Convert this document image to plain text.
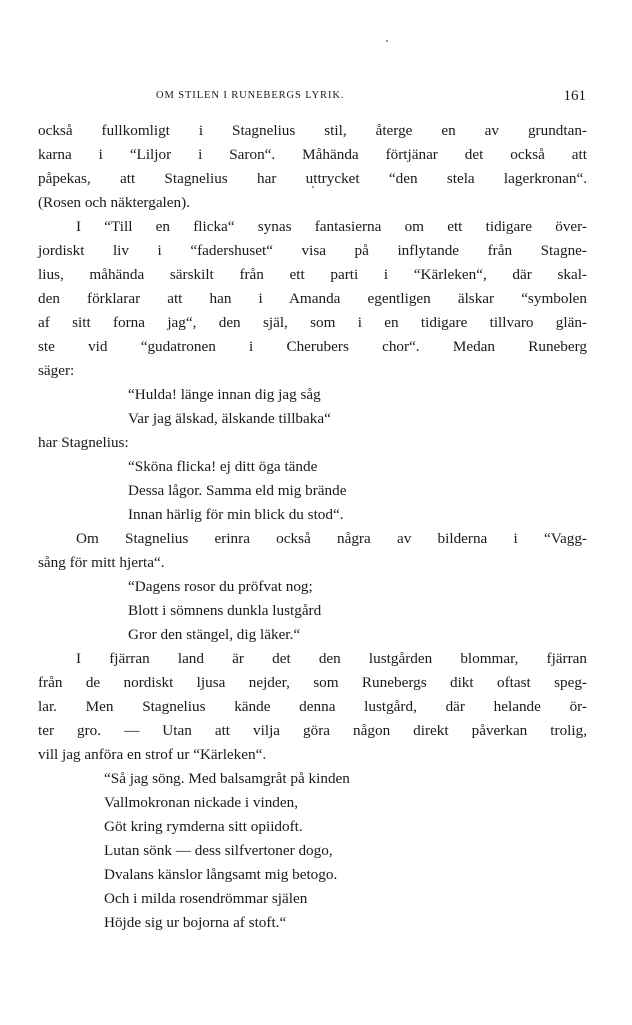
OM STILEN I RUNEBERGS LYRIK.	161
också fullkomligt i Stagnelius stil, återge en av grundtan-
karna i “Liljor i Saron“. Måhända förtjänar det också att
påpekas, att Stagnelius har uttrycket “den stela lagerkronan“.
(Rosen och näktergalen).
I “Till en flicka“ synas fantasierna om ett tidigare över-
jordiskt liv i “fadershuset“ visa på inflytande från Stagne-
lius, måhända särskilt från ett parti i “Kärleken“, där skal-
den förklarar att han i Amanda egentligen älskar “symbolen
af sitt forna jag“, den själ, som i en tidigare tillvaro glän-
ste vid “gudatronen i Cherubers chor“. Medan Runeberg
säger:
“Hulda! länge innan dig jag såg
Var jag älskad, älskande tillbaka“
har Stagnelius:
“Sköna flicka! ej ditt öga tände
Dessa lågor. Samma eld mig brände
Innan härlig för min blick du stod“.
Om Stagnelius erinra också några av bilderna i “Vagg-
sång för mitt hjerta“.
“Dagens rosor du pröfvat nog;
Blott i sömnens dunkla lustgård
Gror den stängel, dig läker.“
I fjärran land är det den lustgården blommar, fjärran
från de nordiskt ljusa nejder, som Runebergs dikt oftast speg-
lar. Men Stagnelius kände denna lustgård, där helande ör-
ter gro. — Utan att vilja göra någon direkt påverkan trolig,
vill jag anföra en strof ur “Kärleken“.
“Så jag söng. Med balsamgråt på kinden
Vallmokronan nickade i vinden,
Göt kring rymderna sitt opiidoft.
Lutan sönk — dess silfvertoner dogo,
Dvalans känslor långsamt mig betogo.
Och i milda rosendrömmar själen
Höjde sig ur bojorna af stoft.“
